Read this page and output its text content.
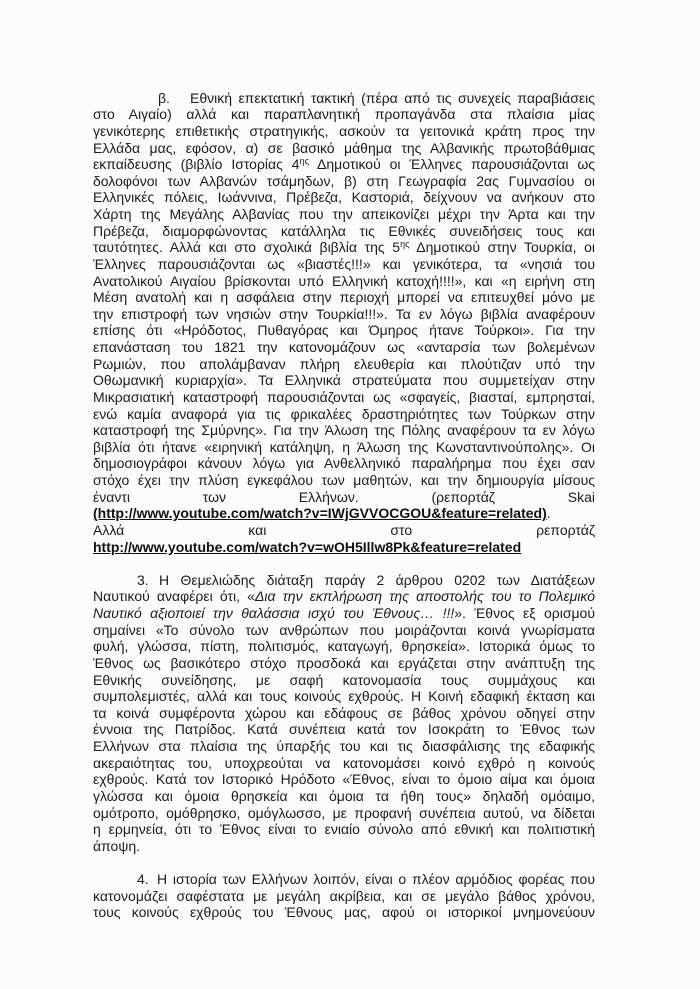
β. Εθνική επεκτατική τακτική (πέρα από τις συνεχείς παραβιάσεις
στο Αιγαίο) αλλά και παραπλανητική προπαγάνδα στα πλαίσια μίας
γενικότερης επιθετικής στρατηγικής, ασκούν τα γειτονικά κράτη προς την
Ελλάδα μας, εφόσον, α) σε βασικό μάθημα της Αλβανικής πρωτοβάθμιας
εκπαίδευσης (βιβλίο Ιστορίας $4^{\eta\varsigma}$ Δημοτικού οι Έλληνες παρουσιάζονται ως
δολοφόνοι των Αλβανών τσάμηδων, β) στη Γεωγραφία 2ας Γυμνασίου οι
Ελληνικές πόλεις, Ιωάννινα, Πρέβεζα, Καστοριά, δείχνουν να ανήκουν στο
Χάρτη της Μεγάλης Αλβανίας που την απεικονίζει μέχρι την Άρτα και την
Πρέβεζα, διαμορφώνοντας κατάλληλα τις Εθνικές συνειδήσεις τους και
ταυτότητες. Αλλά και στο σχολικά βιβλία της $5^{\eta\varsigma}$ Δημοτικού στην Τουρκία, οι
Έλληνες παρουσιάζονται ως «βιαστές!!!» και γενικότερα, τα «νησιά του
Ανατολικού Αιγαίου βρίσκονται υπό Ελληνική κατοχή!!!!», και «η ειρήνη στη
Μέση ανατολή και η ασφάλεια στην περιοχή μπορεί να επιτευχθεί μόνο με
την επιστροφή των νησιών στην Τουρκία!!!». Τα εν λόγω βιβλία αναφέρουν
επίσης ότι «Ηρόδοτος, Πυθαγόρας και Όμηρος ήτανε Τούρκοι». Για την
επανάσταση του 1821 την κατονομάζουν ως «ανταρσία των βολεμένων
Ρωμιών, που απολάμβαναν πλήρη ελευθερία και πλούτιζαν υπό την
Οθωμανική κυριαρχία». Τα Ελληνικά στρατεύματα που συμμετείχαν στην
Μικρασιατική καταστροφή παρουσιάζονται ως «σφαγείς, βιασταί, εμπρησταί,
ενώ καμία αναφορά για τις φρικαλέες δραστηριότητες των Τούρκων στην
καταστροφή της Σμύρνης». Για την Άλωση της Πόλης αναφέρουν τα εν λόγω
βιβλία ότι ήτανε «ειρηνική κατάληψη, η Άλωση της Κωνσταντινούπολης». Οι
δημοσιογράφοι κάνουν λόγω για Ανθελληνικό παραλήρημα που έχει σαν
στόχο έχει την πλύση εγκεφάλου των μαθητών, και την δημιουργία μίσους
έναντι των Ελλήνων. (ρεπορτάζ Skai
(http://www.youtube.com/watch?v=IWjGVVOCGOU&feature=related).
Αλλά και στο ρεπορτάζ
http://www.youtube.com/watch?v=wOH5Illw8Pk&feature=related
3. Η Θεμελιώδης διάταξη παράγ 2 άρθρου 0202 των Διατάξεων
Ναυτικού αναφέρει ότι, «Δια την εκπλήρωση της αποστολής του το Πολεμικό
Ναυτικό αξιοποιεί την θαλάσσια ισχύ του Έθνους… !!!». Έθνος εξ ορισμού
σημαίνει «Το σύνολο των ανθρώπων που μοιράζονται κοινά γνωρίσματα
φυλή, γλώσσα, πίστη, πολιτισμός, καταγωγή, θρησκεία». Ιστορικά όμως το
Έθνος ως βασικότερο στόχο προσδοκά και εργάζεται στην ανάπτυξη της
Εθνικής συνείδησης, με σαφή κατονομασία τους συμμάχους και
συμπολεμιστές, αλλά και τους κοινούς εχθρούς. Η Κοινή εδαφική έκταση και
τα κοινά συμφέροντα χώρου και εδάφους σε βάθος χρόνου οδηγεί στην
έννοια της Πατρίδος. Κατά συνέπεια κατά τον Ισοκράτη το Έθνος των
Ελλήνων στα πλαίσια της ύπαρξής του και τις διασφάλισης της εδαφικής
ακεραιότητας του, υποχρεούται να κατονομάσει κοινό εχθρό η κοινούς
εχθρούς. Κατά τον Ιστορικό Ηρόδοτο «Έθνος, είναι το όμοιο αίμα και όμοια
γλώσσα και όμοια θρησκεία και όμοια τα ήθη τους» δηλαδή ομόαιμο,
ομότροπο, ομόθρησκο, ομόγλωσσο, με προφανή συνέπεια αυτού, να δίδεται
η ερμηνεία, ότι το Έθνος είναι το ενιαίο σύνολο από εθνική και πολιτιστική
άποψη.
4. Η ιστορία των Ελλήνων λοιπόν, είναι ο πλέον αρμόδιος φορέας που
κατονομάζει σαφέστατα με μεγάλη ακρίβεια, και σε μεγάλο βάθος χρόνου,
τους κοινούς εχθρούς του Έθνους μας, αφού οι ιστορικοί μνημονεύουν
